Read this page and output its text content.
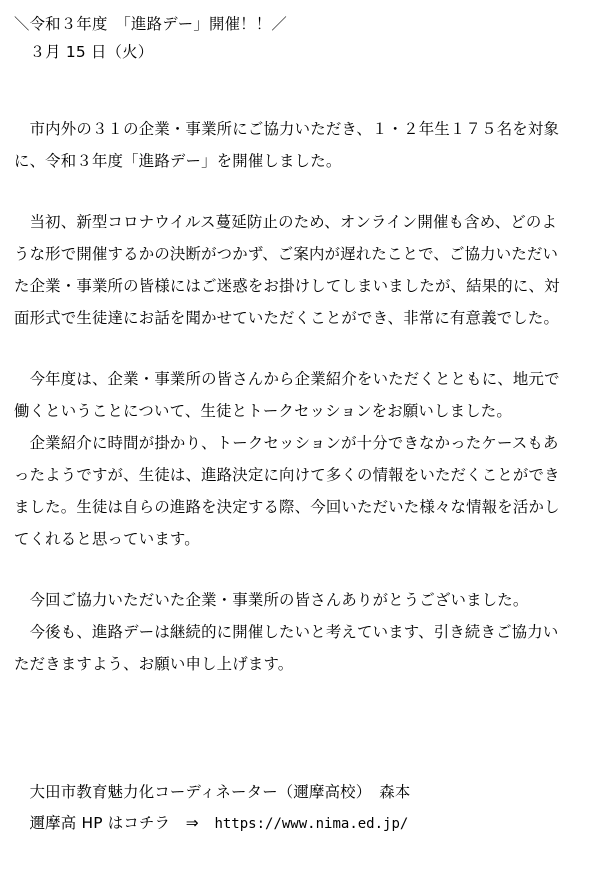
＼令和３年度　「進路デー」開催！！／
　３月 15 日（火）
　市内外の３１の企業・事業所にご協力いただき、１・２年生１７５名を対象
に、令和３年度「進路デー」を開催しました。
　当初、新型コロナウイルス蔓延防止のため、オンライン開催も含め、どのよ
うな形で開催するかの決断がつかず、ご案内が遅れたことで、ご協力いただい
た企業・事業所の皆様にはご迷惑をお掛けしてしまいましたが、結果的に、対
面形式で生徒達にお話を聞かせていただくことができ、非常に有意義でした。
　今年度は、企業・事業所の皆さんから企業紹介をいただくとともに、地元で
働くということについて、生徒とトークセッションをお願いしました。
　企業紹介に時間が掛かり、トークセッションが十分できなかったケースもあ
ったようですが、生徒は、進路決定に向けて多くの情報をいただくことができ
ました。生徒は自らの進路を決定する際、今回いただいた様々な情報を活かし
てくれると思っています。
　今回ご協力いただいた企業・事業所の皆さんありがとうございました。
　今後も、進路デーは継続的に開催したいと考えています、引き続きご協力い
ただきますよう、お願い申し上げます。
　大田市教育魅力化コーディネーター（邇摩高校）　森本
　邇摩高 HP はコチラ　⇒　https://www.nima.ed.jp/
